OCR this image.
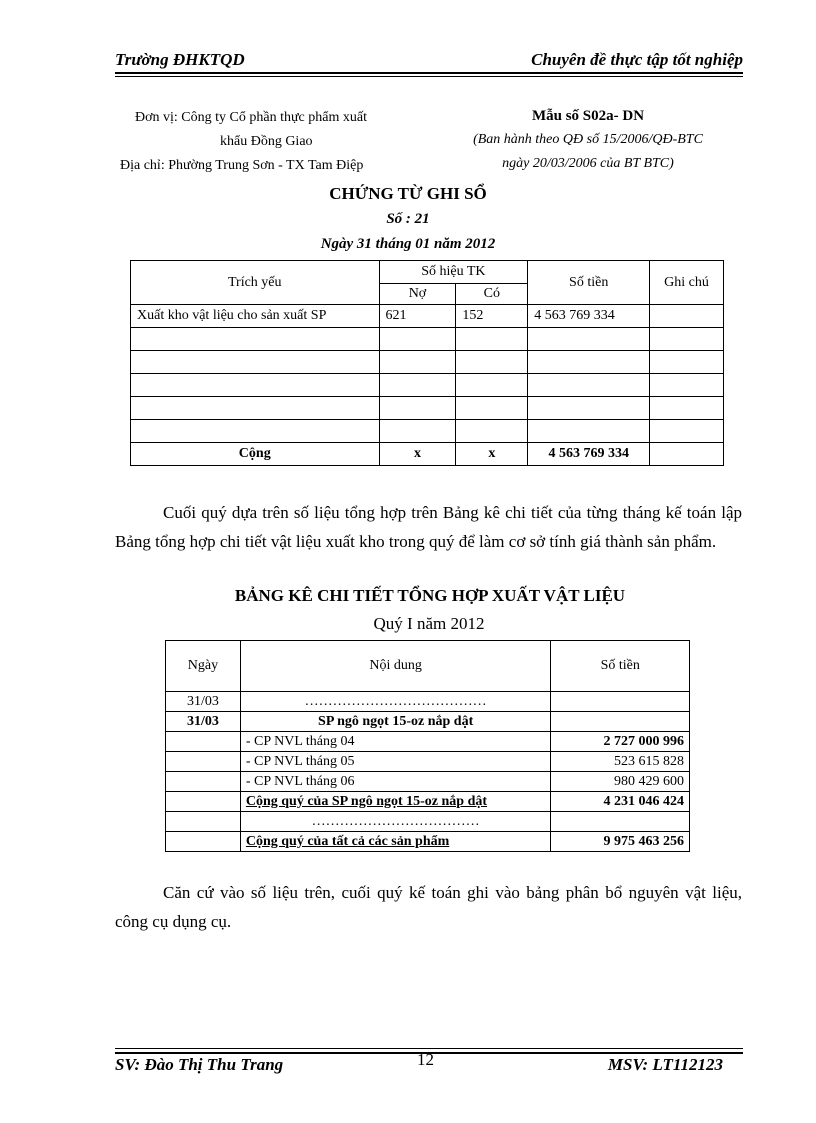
Trường ĐHKTQD	Chuyên đề thực tập tốt nghiệp
Đơn vị: Công ty Cổ phần thực phẩm xuất
khẩu Đồng Giao
Địa chỉ: Phường Trung Sơn - TX Tam Điệp
Mẫu số S02a- DN
(Ban hành theo QĐ số 15/2006/QĐ-BTC
ngày 20/03/2006 của BT BTC)
CHỨNG TỪ GHI SỔ
Số : 21
Ngày 31 tháng 01 năm 2012
Trích yếu	Số hiệu TK		Số tiền	Ghi chú
	Nợ	Có		
Xuất kho vật liệu cho sản xuất SP	621	152	4 563 769 334	

Cộng	x	x	4 563 769 334	
Cuối quý dựa trên số liệu tổng hợp trên Bảng kê chi tiết của từng tháng kế toán lập Bảng tổng hợp chi tiết vật liệu xuất kho trong quý để làm cơ sở tính giá thành sản phẩm.
BẢNG KÊ CHI TIẾT TỔNG HỢP XUẤT VẬT LIỆU
Quý I năm 2012
Ngày	Nội dung	Số tiền
31/03	…………………………………	
31/03	SP ngô ngọt 15-oz nắp dật	
	- CP NVL tháng 04	2 727 000 996
	- CP NVL tháng 05	523 615 828
	- CP NVL tháng 06	980 429 600
	Cộng quý của SP ngô ngọt 15-oz nắp dật	4 231 046 424
	………………………………	
	Cộng quý của tất cả các sản phẩm	9 975 463 256
Căn cứ vào số liệu trên, cuối quý kế toán ghi vào bảng phân bổ nguyên vật liệu, công cụ dụng cụ.
SV: Đào Thị Thu Trang	12	MSV: LT112123
